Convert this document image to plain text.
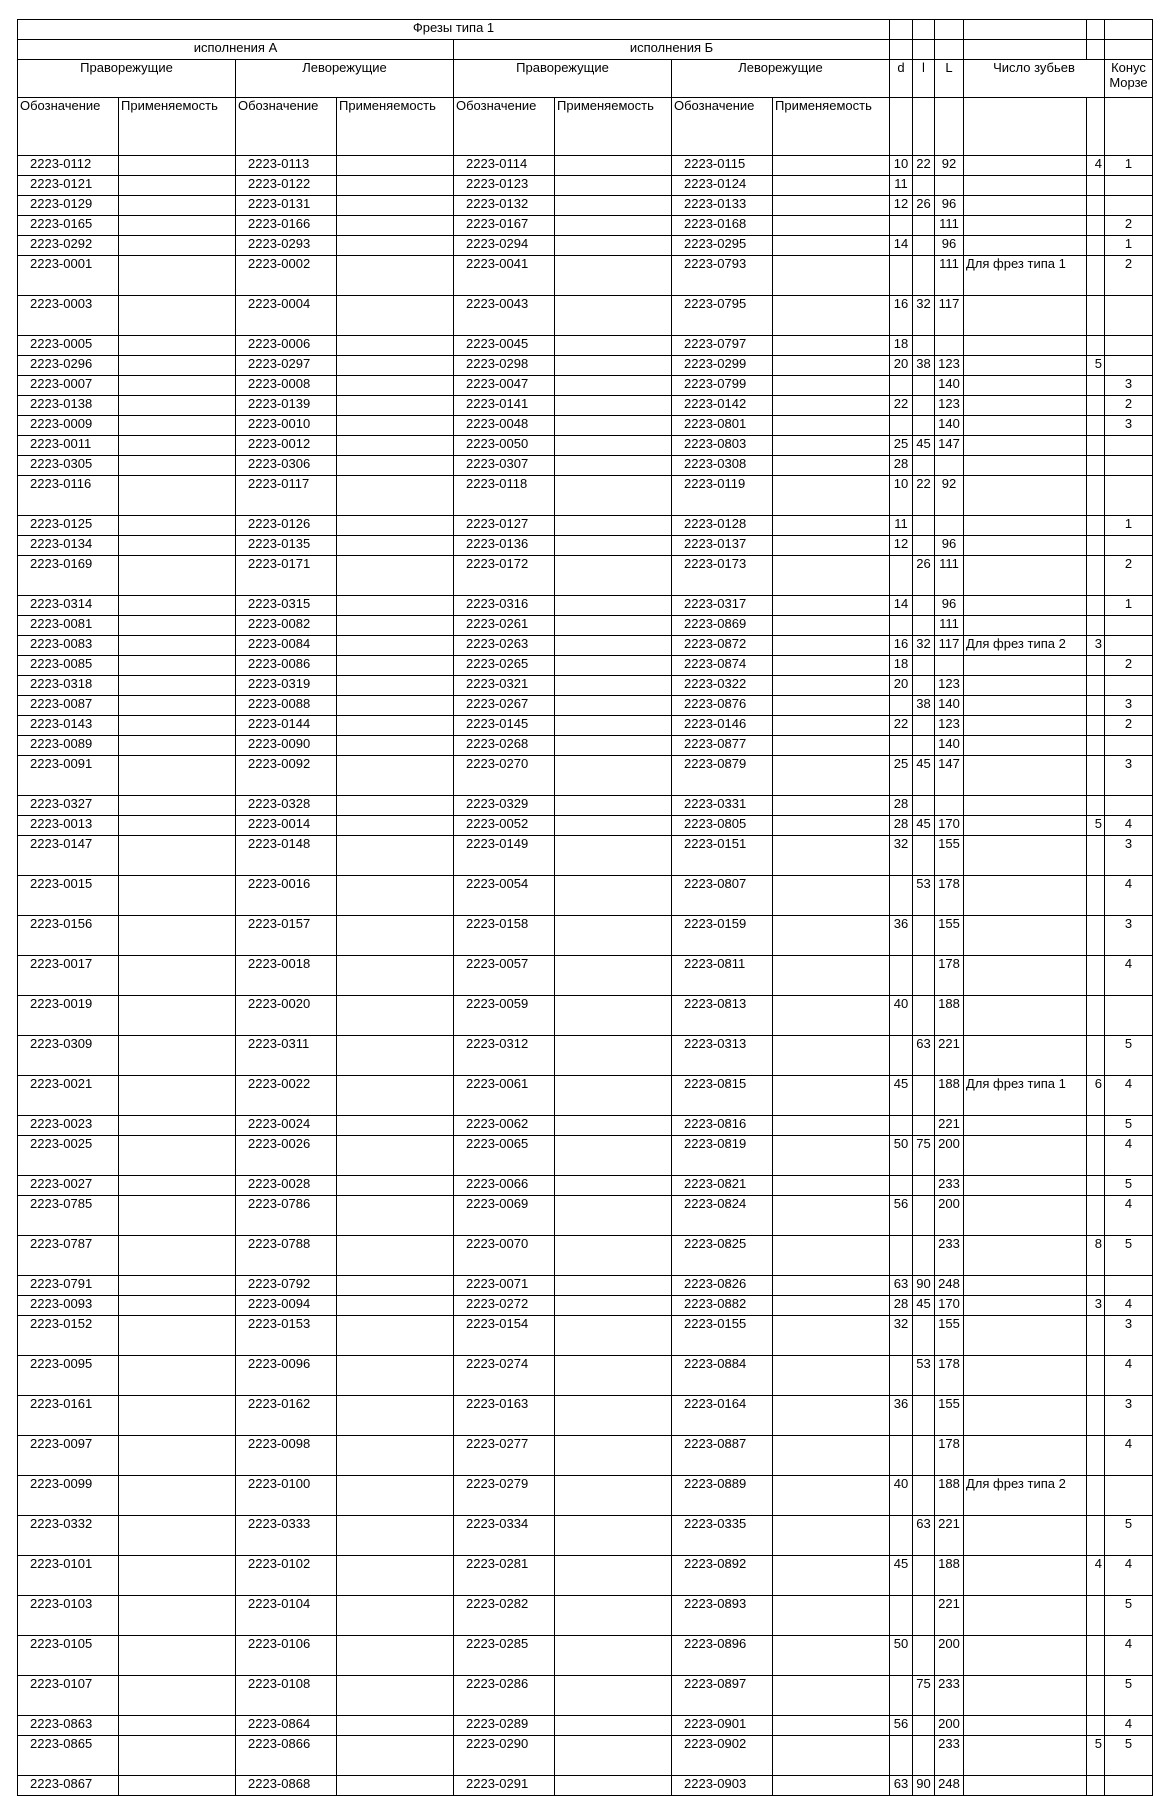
Фрезы типа 1													
исполнения А				исполнения Б									
Праворежущие		Леворежущие		Праворежущие		Леворежущие		d	l	L	Число зубьев		Конус Морзе
Обозначение	Применяемость	Обозначение	Применяемость	Обозначение	Применяемость	Обозначение	Применяемость						
2223-0112		2223-0113		2223-0114		2223-0115		10	22	92		4	1
2223-0121		2223-0122		2223-0123		2223-0124		11					
2223-0129		2223-0131		2223-0132		2223-0133		12	26	96			
2223-0165		2223-0166		2223-0167		2223-0168				111			2
2223-0292		2223-0293		2223-0294		2223-0295		14		96			1
2223-0001		2223-0002		2223-0041		2223-0793				111	Для фрез типа 1		2
2223-0003		2223-0004		2223-0043		2223-0795		16	32	117			
2223-0005		2223-0006		2223-0045		2223-0797		18					
2223-0296		2223-0297		2223-0298		2223-0299		20	38	123		5	
2223-0007		2223-0008		2223-0047		2223-0799				140			3
2223-0138		2223-0139		2223-0141		2223-0142		22		123			2
2223-0009		2223-0010		2223-0048		2223-0801				140			3
2223-0011		2223-0012		2223-0050		2223-0803		25	45	147			
2223-0305		2223-0306		2223-0307		2223-0308		28					
2223-0116		2223-0117		2223-0118		2223-0119		10	22	92			
2223-0125		2223-0126		2223-0127		2223-0128		11					1
2223-0134		2223-0135		2223-0136		2223-0137		12		96			
2223-0169		2223-0171		2223-0172		2223-0173			26	111			2
2223-0314		2223-0315		2223-0316		2223-0317		14		96			1
2223-0081		2223-0082		2223-0261		2223-0869				111			
2223-0083		2223-0084		2223-0263		2223-0872		16	32	117	Для фрез типа 2	3	
2223-0085		2223-0086		2223-0265		2223-0874		18					2
2223-0318		2223-0319		2223-0321		2223-0322		20		123			
2223-0087		2223-0088		2223-0267		2223-0876			38	140			3
2223-0143		2223-0144		2223-0145		2223-0146		22		123			2
2223-0089		2223-0090		2223-0268		2223-0877				140			
2223-0091		2223-0092		2223-0270		2223-0879		25	45	147			3
2223-0327		2223-0328		2223-0329		2223-0331		28					
2223-0013		2223-0014		2223-0052		2223-0805		28	45	170		5	4
2223-0147		2223-0148		2223-0149		2223-0151		32		155			3
2223-0015		2223-0016		2223-0054		2223-0807			53	178			4
2223-0156		2223-0157		2223-0158		2223-0159		36		155			3
2223-0017		2223-0018		2223-0057		2223-0811				178			4
2223-0019		2223-0020		2223-0059		2223-0813		40		188			
2223-0309		2223-0311		2223-0312		2223-0313			63	221			5
2223-0021		2223-0022		2223-0061		2223-0815		45		188	Для фрез типа 1	6	4
2223-0023		2223-0024		2223-0062		2223-0816				221			5
2223-0025		2223-0026		2223-0065		2223-0819		50	75	200			4
2223-0027		2223-0028		2223-0066		2223-0821				233			5
2223-0785		2223-0786		2223-0069		2223-0824		56		200			4
2223-0787		2223-0788		2223-0070		2223-0825				233		8	5
2223-0791		2223-0792		2223-0071		2223-0826		63	90	248			
2223-0093		2223-0094		2223-0272		2223-0882		28	45	170		3	4
2223-0152		2223-0153		2223-0154		2223-0155		32		155			3
2223-0095		2223-0096		2223-0274		2223-0884			53	178			4
2223-0161		2223-0162		2223-0163		2223-0164		36		155			3
2223-0097		2223-0098		2223-0277		2223-0887				178			4
2223-0099		2223-0100		2223-0279		2223-0889		40		188	Для фрез типа 2		
2223-0332		2223-0333		2223-0334		2223-0335			63	221			5
2223-0101		2223-0102		2223-0281		2223-0892		45		188		4	4
2223-0103		2223-0104		2223-0282		2223-0893				221			5
2223-0105		2223-0106		2223-0285		2223-0896		50		200			4
2223-0107		2223-0108		2223-0286		2223-0897			75	233			5
2223-0863		2223-0864		2223-0289		2223-0901		56		200			4
2223-0865		2223-0866		2223-0290		2223-0902				233		5	5
2223-0867		2223-0868		2223-0291		2223-0903		63	90	248			
